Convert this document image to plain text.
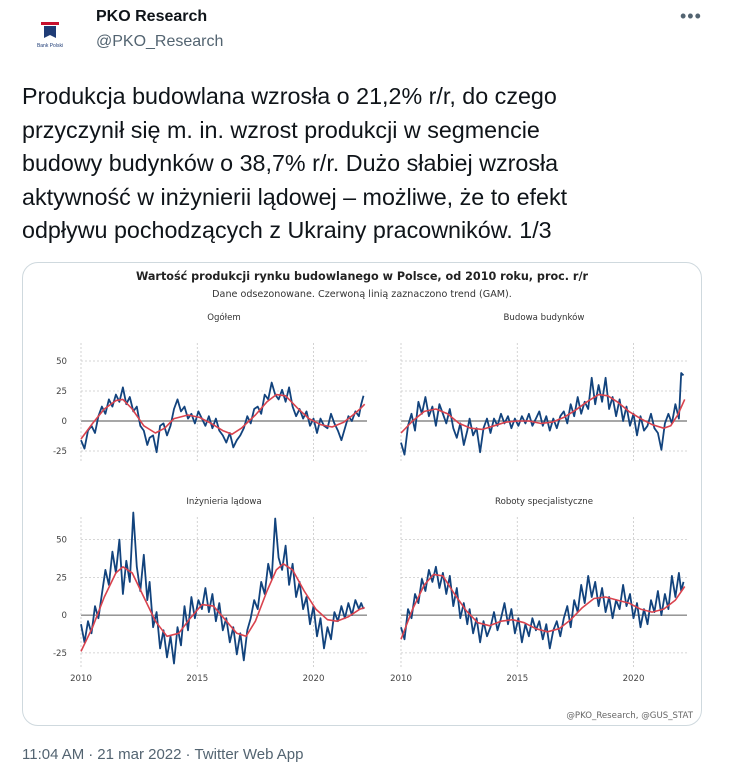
Bank Polski
PKO Research
@PKO_Research
•••
Produkcja budowlana wzrosła o 21,2% r/r, do czego
przyczynił się m. in. wzrost produkcji w segmencie
budowy budynków o 38,7% r/r. Dużo słabiej wzrosła
aktywność w inżynierii lądowej – możliwe, że to efekt
odpływu pochodzących z Ukrainy pracowników. 1/3
Wartość produkcji rynku budowlanego w Polsce, od 2010 roku, proc. r/r
Dane odsezonowane. Czerwoną linią zaznaczono trend (GAM).
Ogółem
50
25
0
-25
Budowa budynków
Inżynieria lądowa
50
25
0
-25
2010	2015	2020
Roboty specjalistyczne
2010	2015	2020
@PKO_Research, @GUS_STAT
11:04 AM · 21 mar 2022 · Twitter Web App
